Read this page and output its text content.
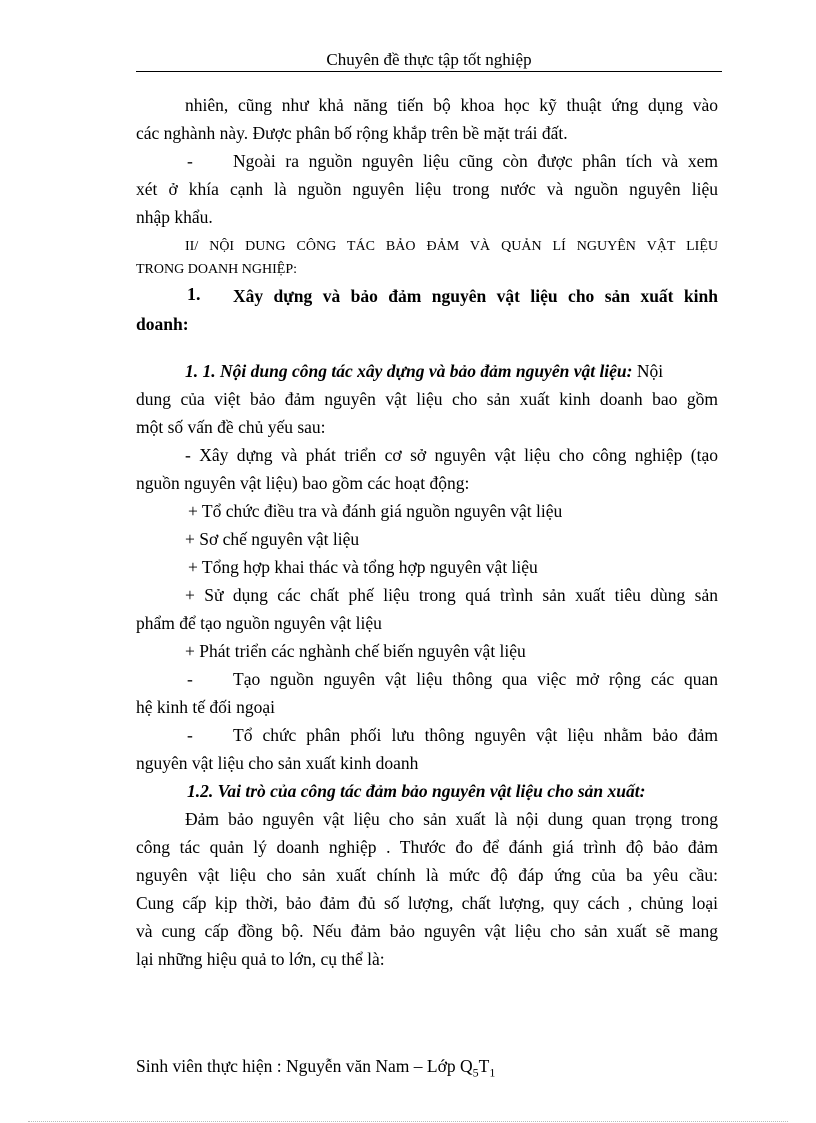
Chuyên đề thực tập tốt nghiệp
nhiên, cũng như khả năng tiến bộ khoa học kỹ thuật ứng dụng vào
các nghành này. Được phân bố rộng khắp trên bề mặt trái đất.
-	Ngoài ra nguồn nguyên liệu cũng còn được phân tích và xem
xét ở khía cạnh là nguồn nguyên liệu trong nước và nguồn nguyên liệu
nhập khẩu.
II/ NỘI DUNG CÔNG TÁC BẢO ĐẢM VÀ QUẢN LÍ NGUYÊN VẬT LIỆU
TRONG DOANH NGHIỆP:
1. Xây dựng và bảo đảm nguyên vật liệu cho sản xuất kinh
doanh:
1. 1. Nội dung công tác xây dựng và bảo đảm nguyên vật liệu: Nội
dung của việt bảo đảm nguyên vật liệu cho sản xuất kinh doanh bao gồm
một số vấn đề chủ yếu sau:
- Xây dựng và phát triển cơ sở nguyên vật liệu cho công nghiệp (tạo
nguồn nguyên vật liệu) bao gồm các hoạt động:
+ Tổ chức điều tra và đánh giá nguồn nguyên vật liệu
+ Sơ chế nguyên vật liệu
+ Tổng hợp khai thác và tổng hợp nguyên vật liệu
+ Sử dụng các chất phế liệu trong quá trình sản xuất tiêu dùng sản
phẩm để tạo nguồn nguyên vật liệu
+ Phát triển các nghành chế biến nguyên vật liệu
-	Tạo nguồn nguyên vật liệu thông qua việc mở rộng các quan
hệ kinh tế đối ngoại
-	Tổ chức phân phối lưu thông nguyên vật liệu nhằm bảo đảm
nguyên vật liệu cho sản xuất kinh doanh
1.2. Vai trò của công tác đảm bảo nguyên vật liệu cho sản xuất:
Đảm bảo nguyên vật liệu cho sản xuất là nội dung quan trọng trong
công tác quản lý doanh nghiệp . Thước đo để đánh giá trình độ bảo đảm
nguyên vật liệu cho sản xuất chính là mức độ đáp ứng của ba yêu cầu:
Cung cấp kịp thời, bảo đảm đủ số lượng, chất lượng, quy cách , chủng loại
và cung cấp đồng bộ. Nếu đảm bảo nguyên vật liệu cho sản xuất sẽ mang
lại những hiệu quả to lớn, cụ thể là:
Sinh viên thực hiện : Nguyễn văn Nam – Lớp $Q_5T_1$
